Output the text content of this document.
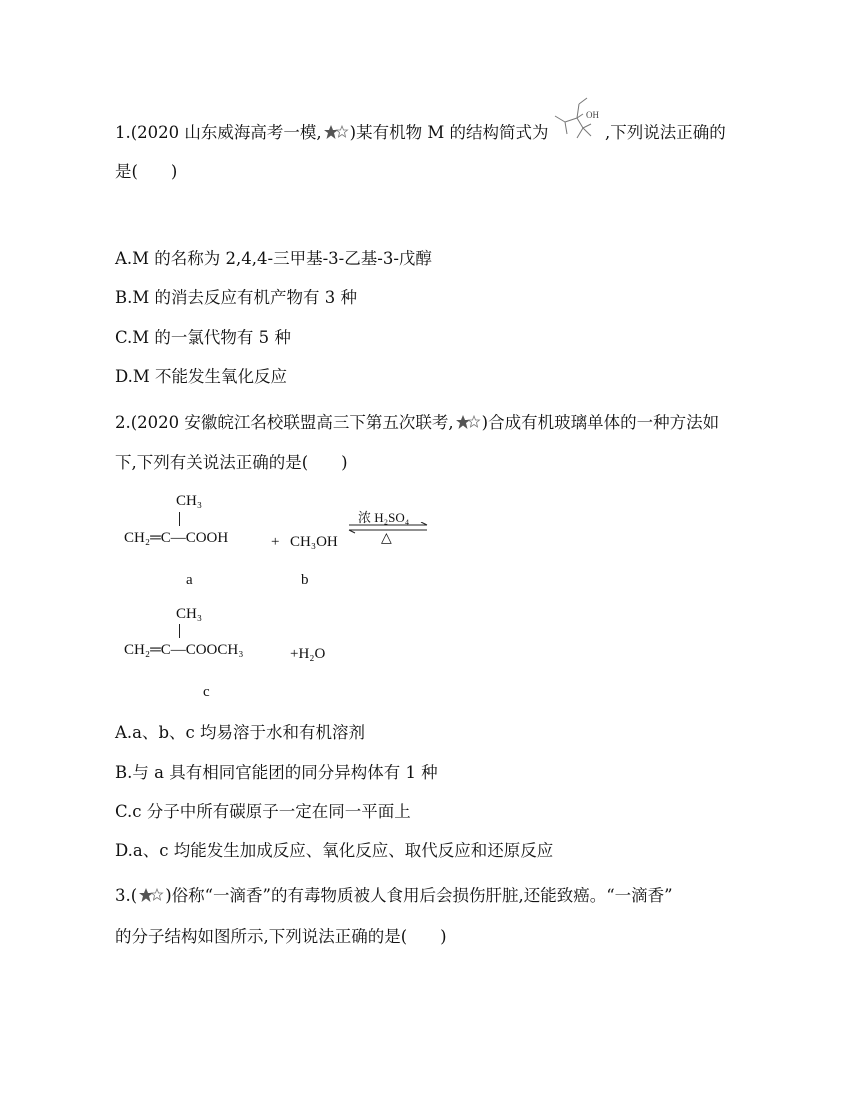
1.(2020 山东威海高考一模, )某有机物 M 的结构简式为
OH
,下列说法正确的
是(　　)
A.M 的名称为 2,4,4-三甲基-3-乙基-3-戊醇
B.M 的消去反应有机产物有 3 种
C.M 的一氯代物有 5 种
D.M 不能发生氧化反应
2.(2020 安徽皖江名校联盟高三下第五次联考, )合成有机玻璃单体的一种方法如
下,下列有关说法正确的是(　　)
CH₃
CH₂═C—COOH	+ CH₃OH
浓 H₂SO₄
△
a	b
CH₃
CH₂═C—COOCH₃	+H₂O
c
A.a、b、c 均易溶于水和有机溶剂
B.与 a 具有相同官能团的同分异构体有 1 种
C.c 分子中所有碳原子一定在同一平面上
D.a、c 均能发生加成反应、氧化反应、取代反应和还原反应
3.( )俗称“一滴香”的有毒物质被人食用后会损伤肝脏,还能致癌。“一滴香”
的分子结构如图所示,下列说法正确的是(　　)
